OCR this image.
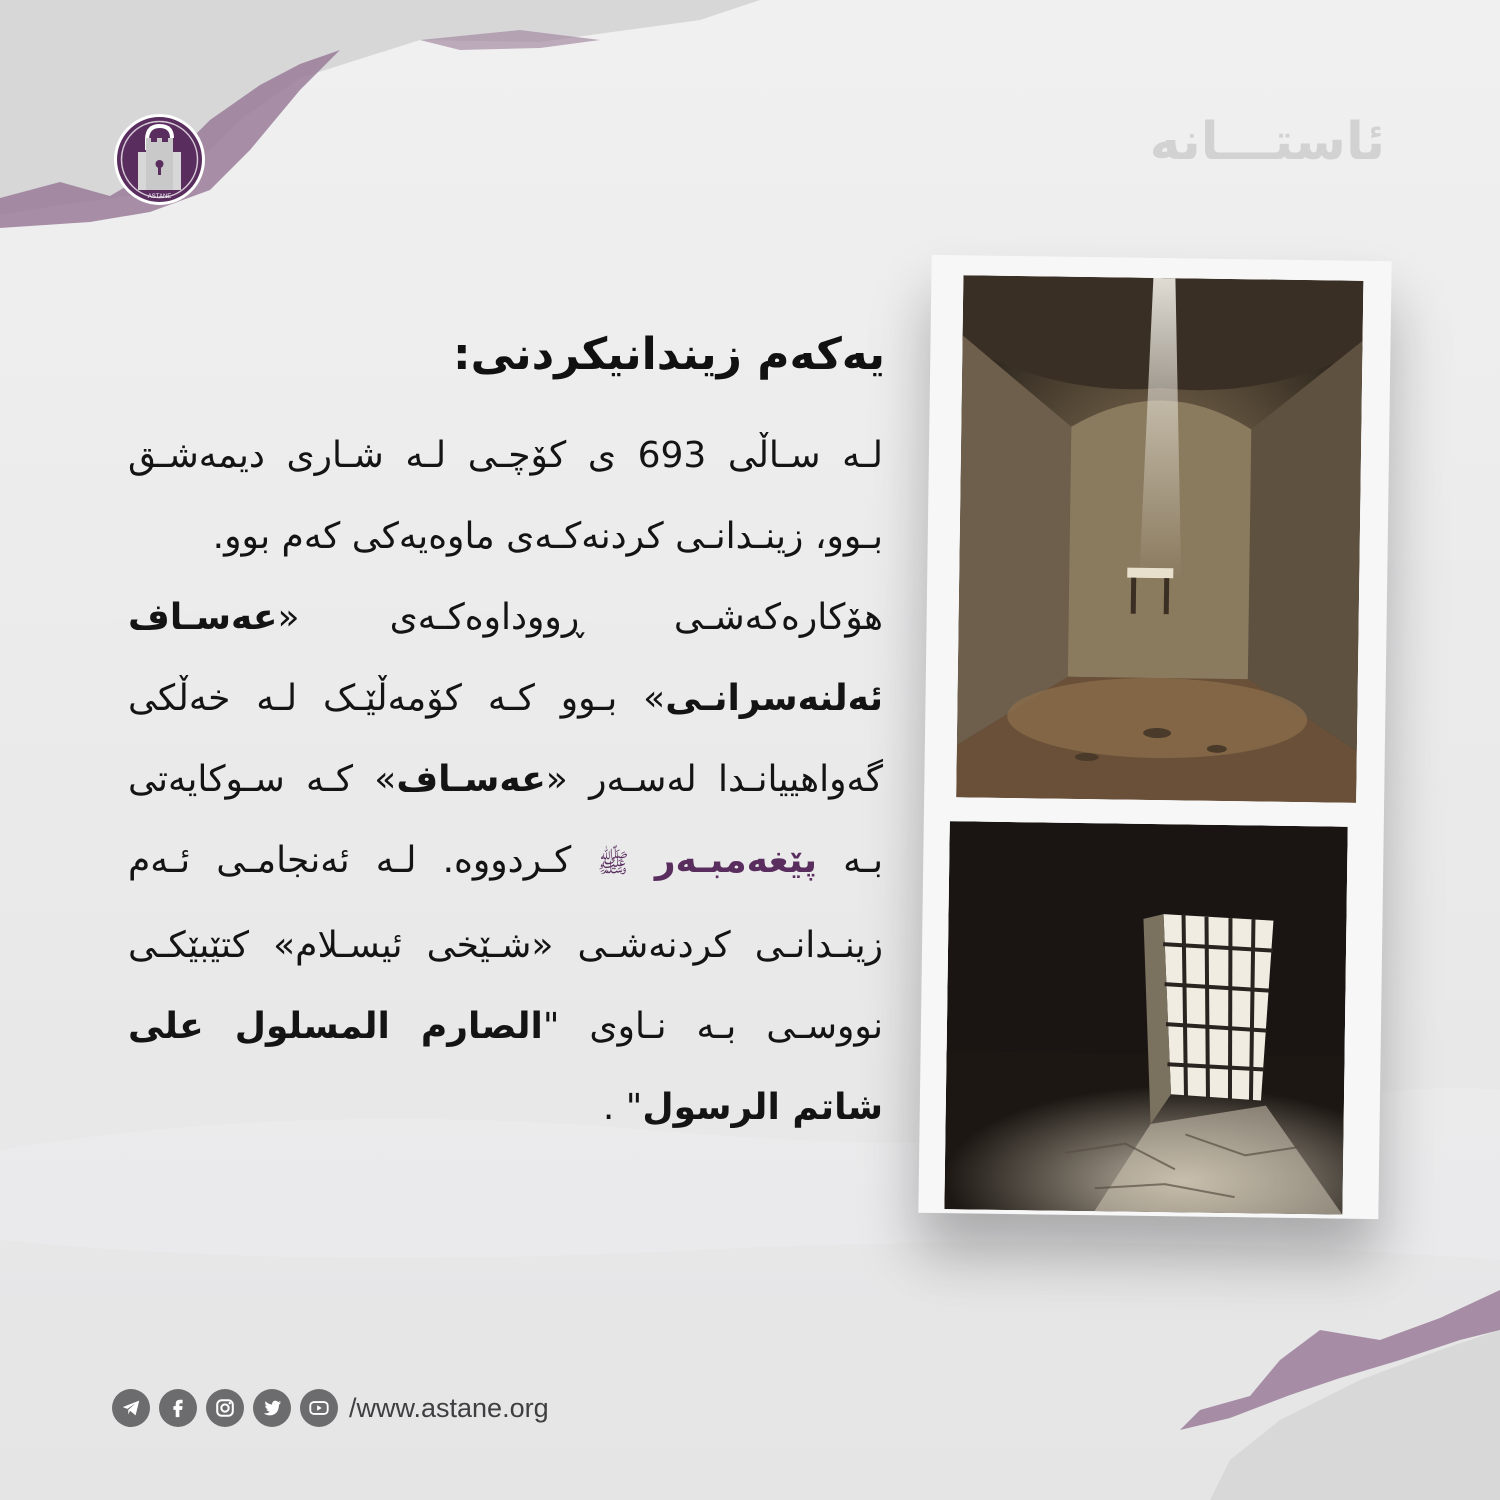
ASTANE
ئاستـــانه
یەکەم زیندانیکردنی:

لـه سـاڵی 693 ی کۆچـی لـه شـاری دیمەشـق بـوو، زینـدانـی کردنەکـەی ماوەیەکی کەم بوو.

هۆکارەکەشـی ڕووداوەکـەی «عەسـاف ئەلنەسرانـی» بـوو کـه کۆمەڵێـک لـه خەڵکی گەواهییانـدا لەسـەر «عەسـاف» کـه سـوکایەتی بـه پێغەمبـەر ﷺ کـردووە. لـه ئەنجامـی ئـەم زینـدانـی کردنەشـی «شـێخی ئیسـلام» کتێبێکـی نووسـی بـه نـاوی "الصارم المسلول على شاتم الرسول" .

/www.astane.org
